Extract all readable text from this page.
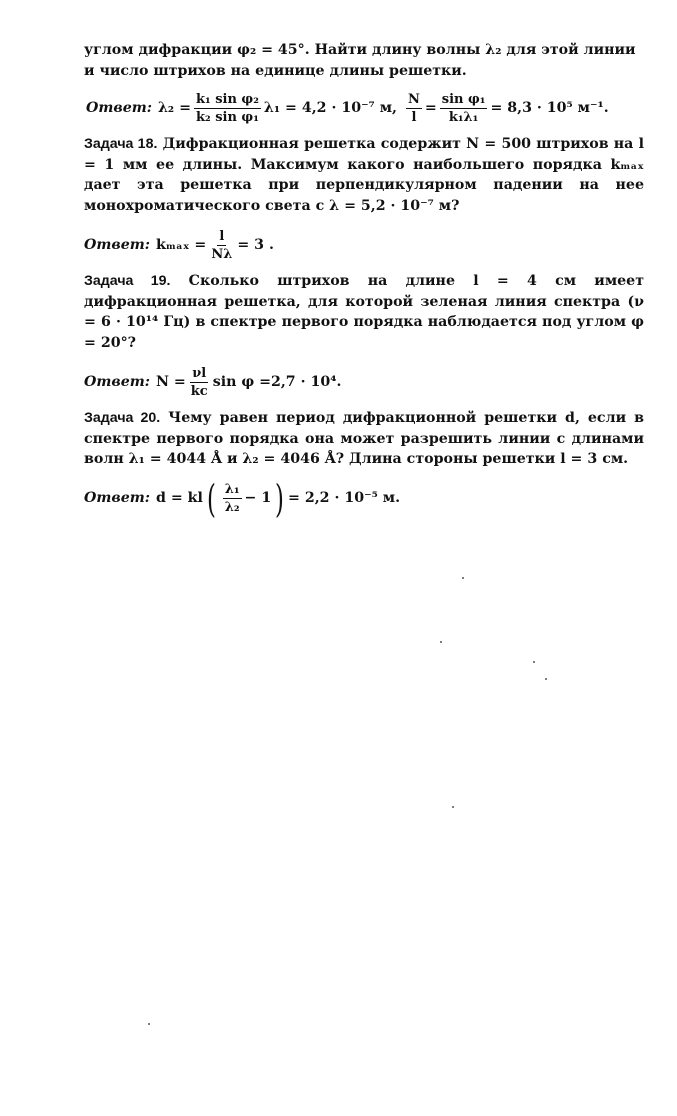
углом дифракции φ₂ = 45°. Найти длину волны λ₂ для этой линии

и число штрихов на единице длины решетки.

Ответ: $\lambda_2 = \frac{\text{k₁ sin φ₂}}{\text{k₂ sin φ₁}} \lambda_1 = 4,2 \cdot 10^{-7}$ м, $\frac{N}{l} = \frac{\text{sin φ₁}}{\text{k₁λ₁}} = 8,3 \cdot 10^5$ м⁻¹.

Задача 18. Дифракционная решетка содержит N = 500 штрихов на l = 1 мм ее длины. Максимум какого наибольшего порядка kₘₐₓ дает эта решетка при перпендикулярном падении на нее монохроматического света с λ = 5,2 · 10⁻⁷ м?

Ответ: $k_{max} = \frac{l}{N\lambda} = 3$ .

Задача 19. Сколько штрихов на длине l = 4 см имеет дифракционная решетка, для которой зеленая линия спектра (ν = 6 · 10¹⁴ Гц) в спектре первого порядка наблюдается под углом φ = 20°?

Ответ: $N = \frac{\nu l}{kc}$ sin φ =2,7 · 10⁴.

Задача 20. Чему равен период дифракционной решетки d, если в спектре первого порядка она может разрешить линии с длинами волн λ₁ = 4044 Å и λ₂ = 4046 Å? Длина стороны решетки l = 3 см.

Ответ: d = kl ( $\frac{\text{λ₁}}{\text{λ₂}} - 1$ ) = 2,2 · 10⁻⁵ м.
